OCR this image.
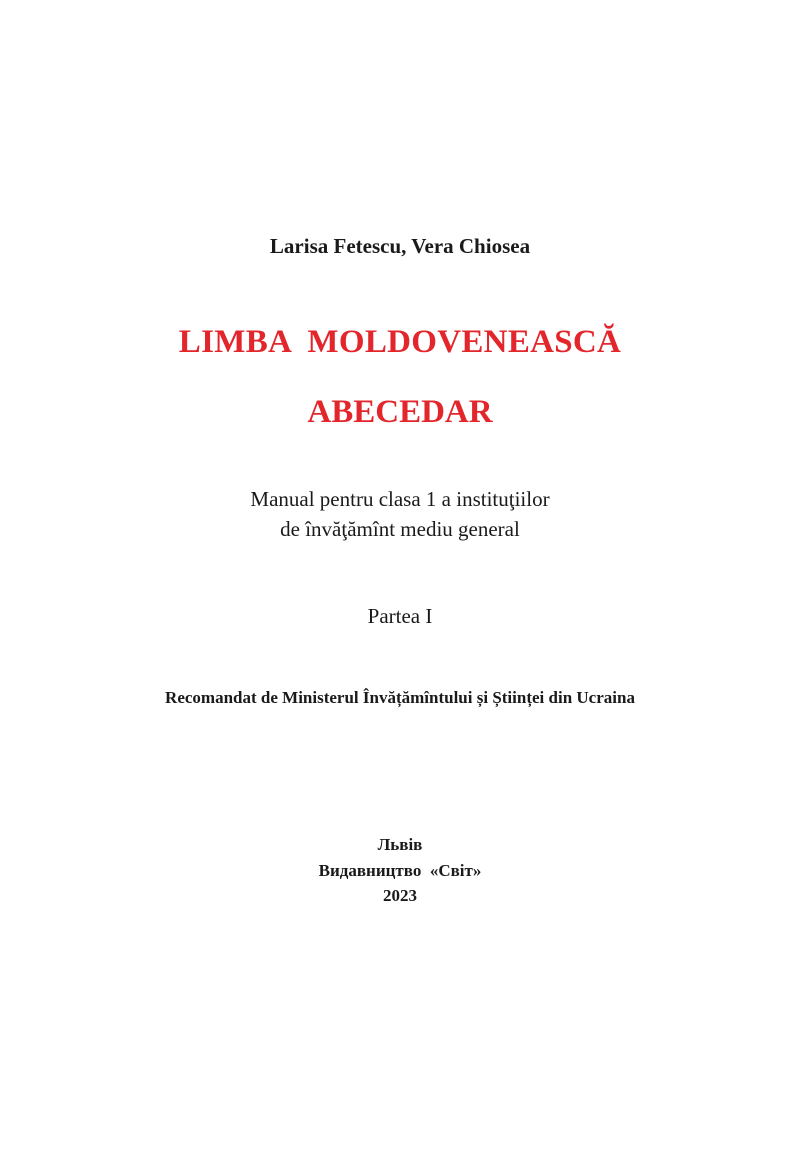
Larisa Fetescu, Vera Chiosea
LIMBA  MOLDOVENEASCĂ
ABECEDAR
Manual pentru clasa 1 a instituţiilor
de învăţămînt mediu general
Partea I
Recomandat de Ministerul Învățămîntului și Științei din Ucraina
Львів
Видавництво  «Світ»
2023
